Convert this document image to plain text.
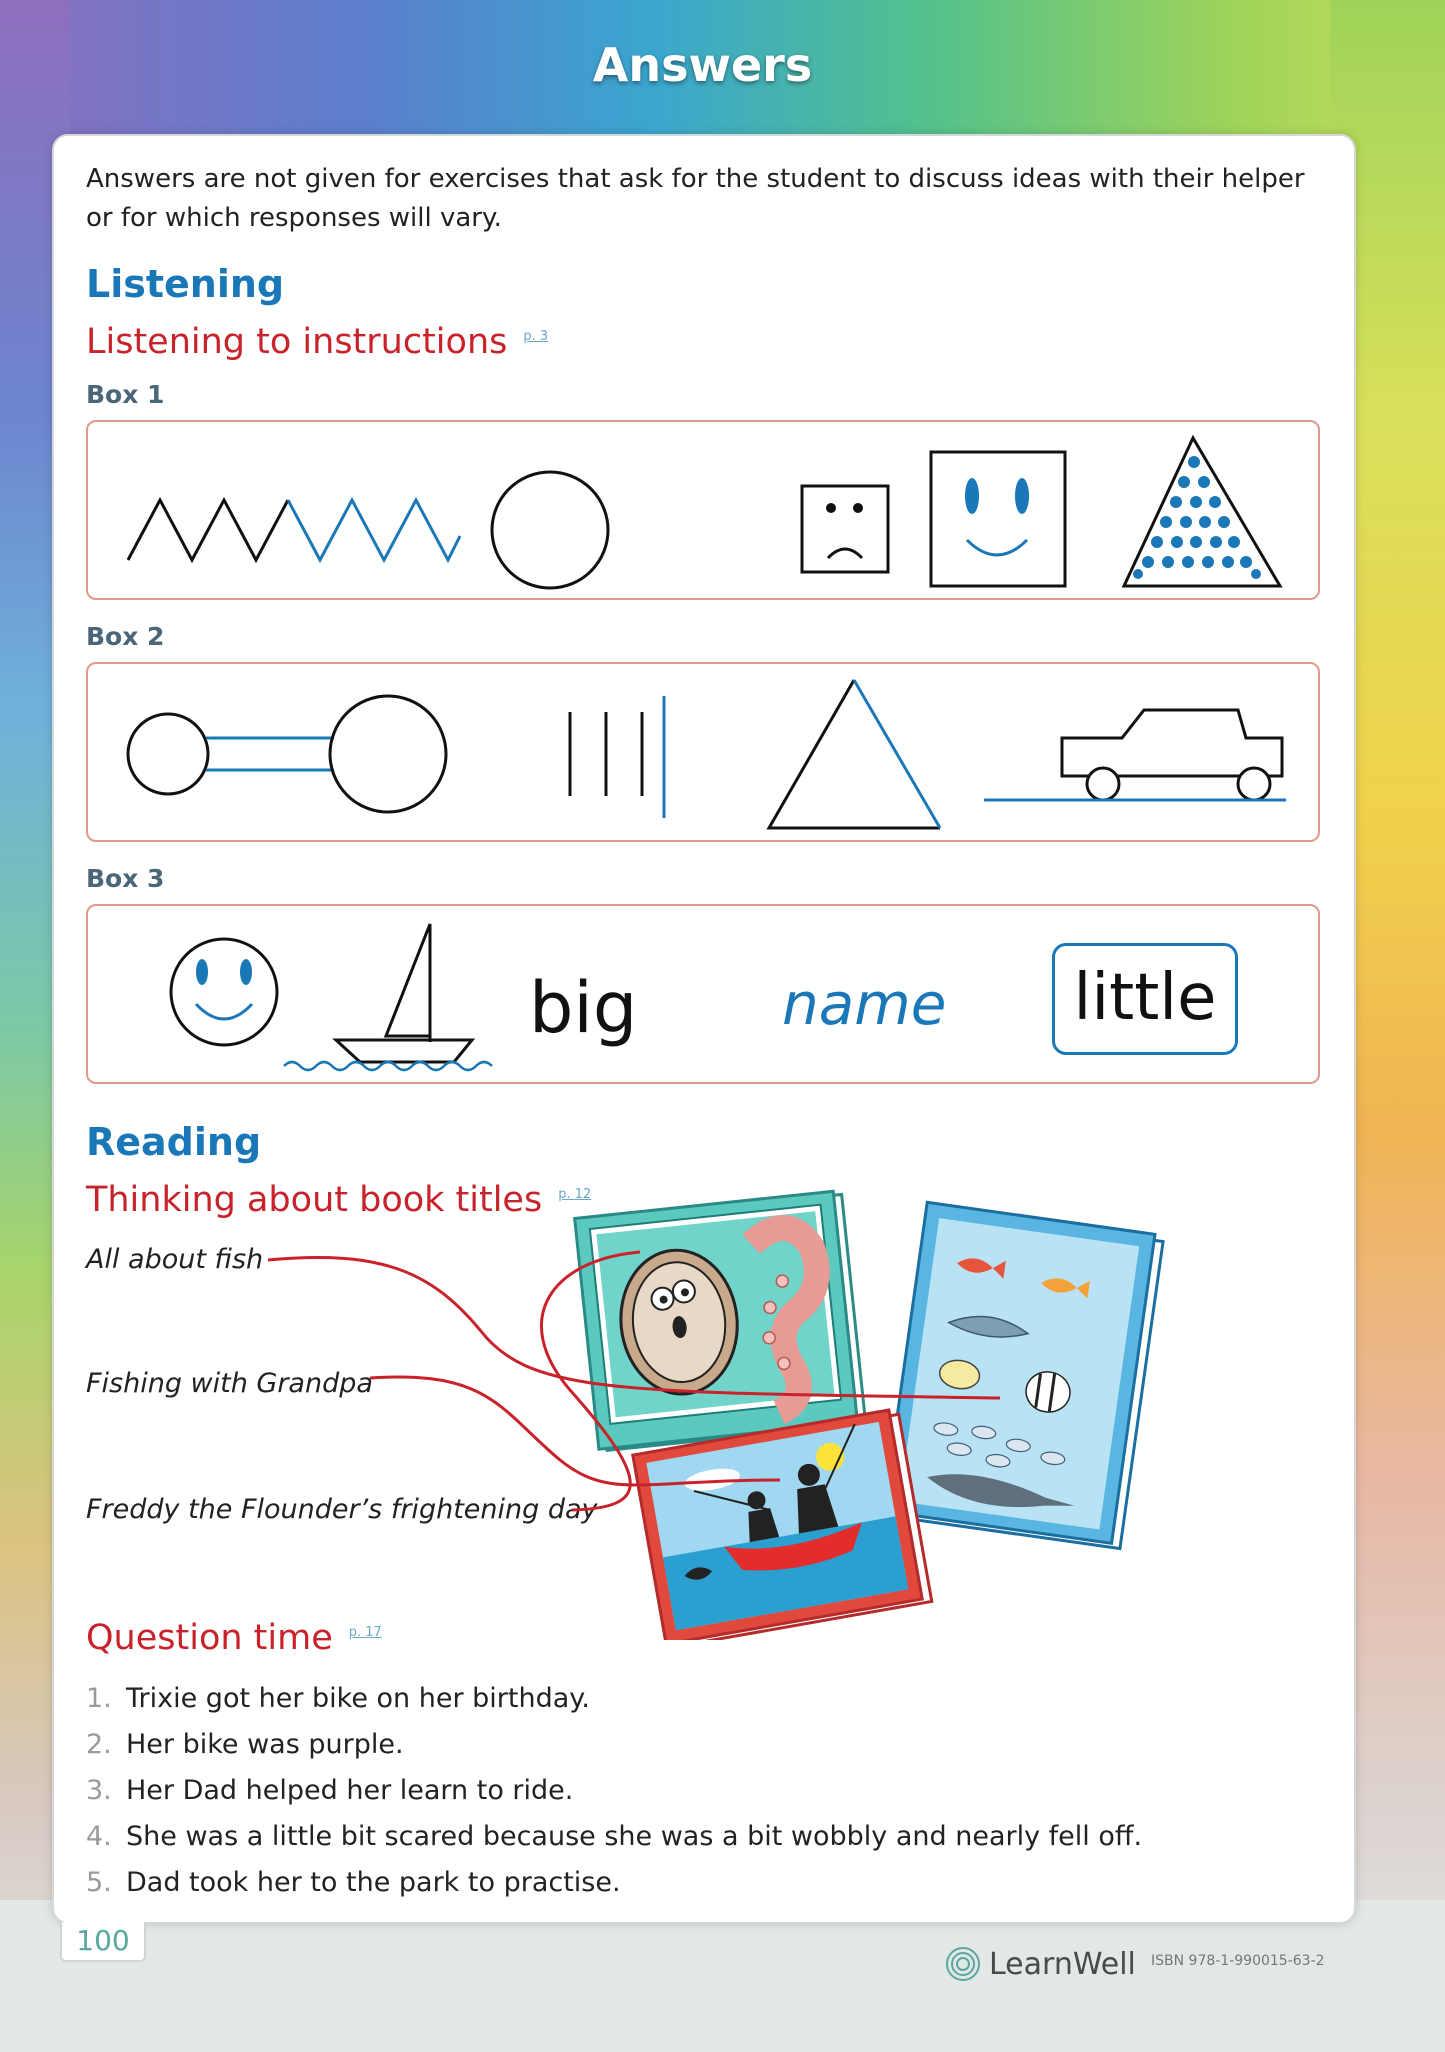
Answers
Answers are not given for exercises that ask for the student to discuss ideas with their helper or for which responses will vary.
Listening
Listening to instructions $^{p. 3}$
Box 1
Box 2
Box 3
big name	little
Reading
Thinking about book titles $^{p. 12}$
All about fish
Fishing with Grandpa
Freddy the Flounder’s frightening day
Question time $^{p. 17}$
1. Trixie got her bike on her birthday.
2. Her bike was purple.
3. Her Dad helped her learn to ride.
4. She was a little bit scared because she was a bit wobbly and nearly fell off.
5. Dad took her to the park to practise.
100
LearnWell ISBN 978-1-990015-63-2
